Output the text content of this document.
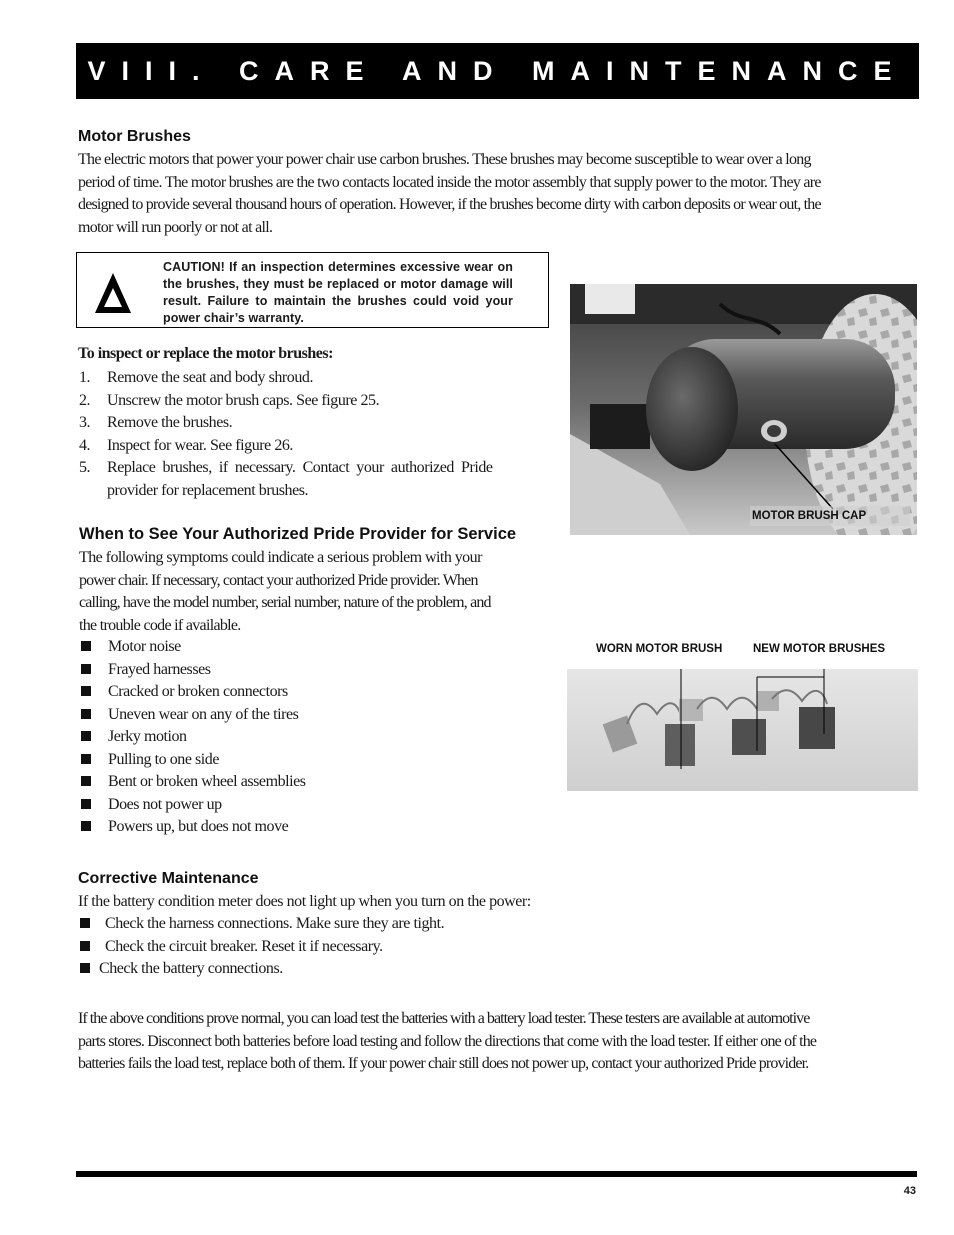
VIII. CARE AND MAINTENANCE
Motor Brushes
The electric motors that power your power chair use carbon brushes. These brushes may become susceptible to wear over a long
period of time. The motor brushes are the two contacts located inside the motor assembly that supply power to the motor. They are
designed to provide several thousand hours of operation. However, if the brushes become dirty with carbon deposits or wear out, the
motor will run poorly or not at all.
CAUTION! If an inspection determines excessive wear on the brushes, they must be replaced or motor damage will result. Failure to maintain the brushes could void your power chair’s warranty.
To inspect or replace the motor brushes:
1. Remove the seat and body shroud.
2. Unscrew the motor brush caps. See figure 25.
3. Remove the brushes.
4. Inspect for wear. See figure 26.
5. Replace  brushes,  if  necessary.  Contact  your  authorized  Pride
provider for replacement brushes.
When to See Your Authorized Pride Provider for Service
The following symptoms could indicate a serious problem with your
power chair. If necessary, contact your authorized Pride provider. When
calling, have the model number, serial number, nature of the problem, and
the trouble code if available.
Motor noise
Frayed harnesses
Cracked or broken connectors
Uneven wear on any of the tires
Jerky motion
Pulling to one side
Bent or broken wheel assemblies
Does not power up
Powers up, but does not move
MOTOR BRUSH CAP
WORN MOTOR BRUSH	NEW MOTOR BRUSHES
Corrective Maintenance
If the battery condition meter does not light up when you turn on the power:
Check the harness connections. Make sure they are tight.
Check the circuit breaker. Reset it if necessary.
Check the battery connections.
If the above conditions prove normal, you can load test the batteries with a battery load tester. These testers are available at automotive
parts stores. Disconnect both batteries before load testing and follow the directions that come with the load tester. If either one of the
batteries fails the load test, replace both of them. If your power chair still does not power up, contact your authorized Pride provider.
43
